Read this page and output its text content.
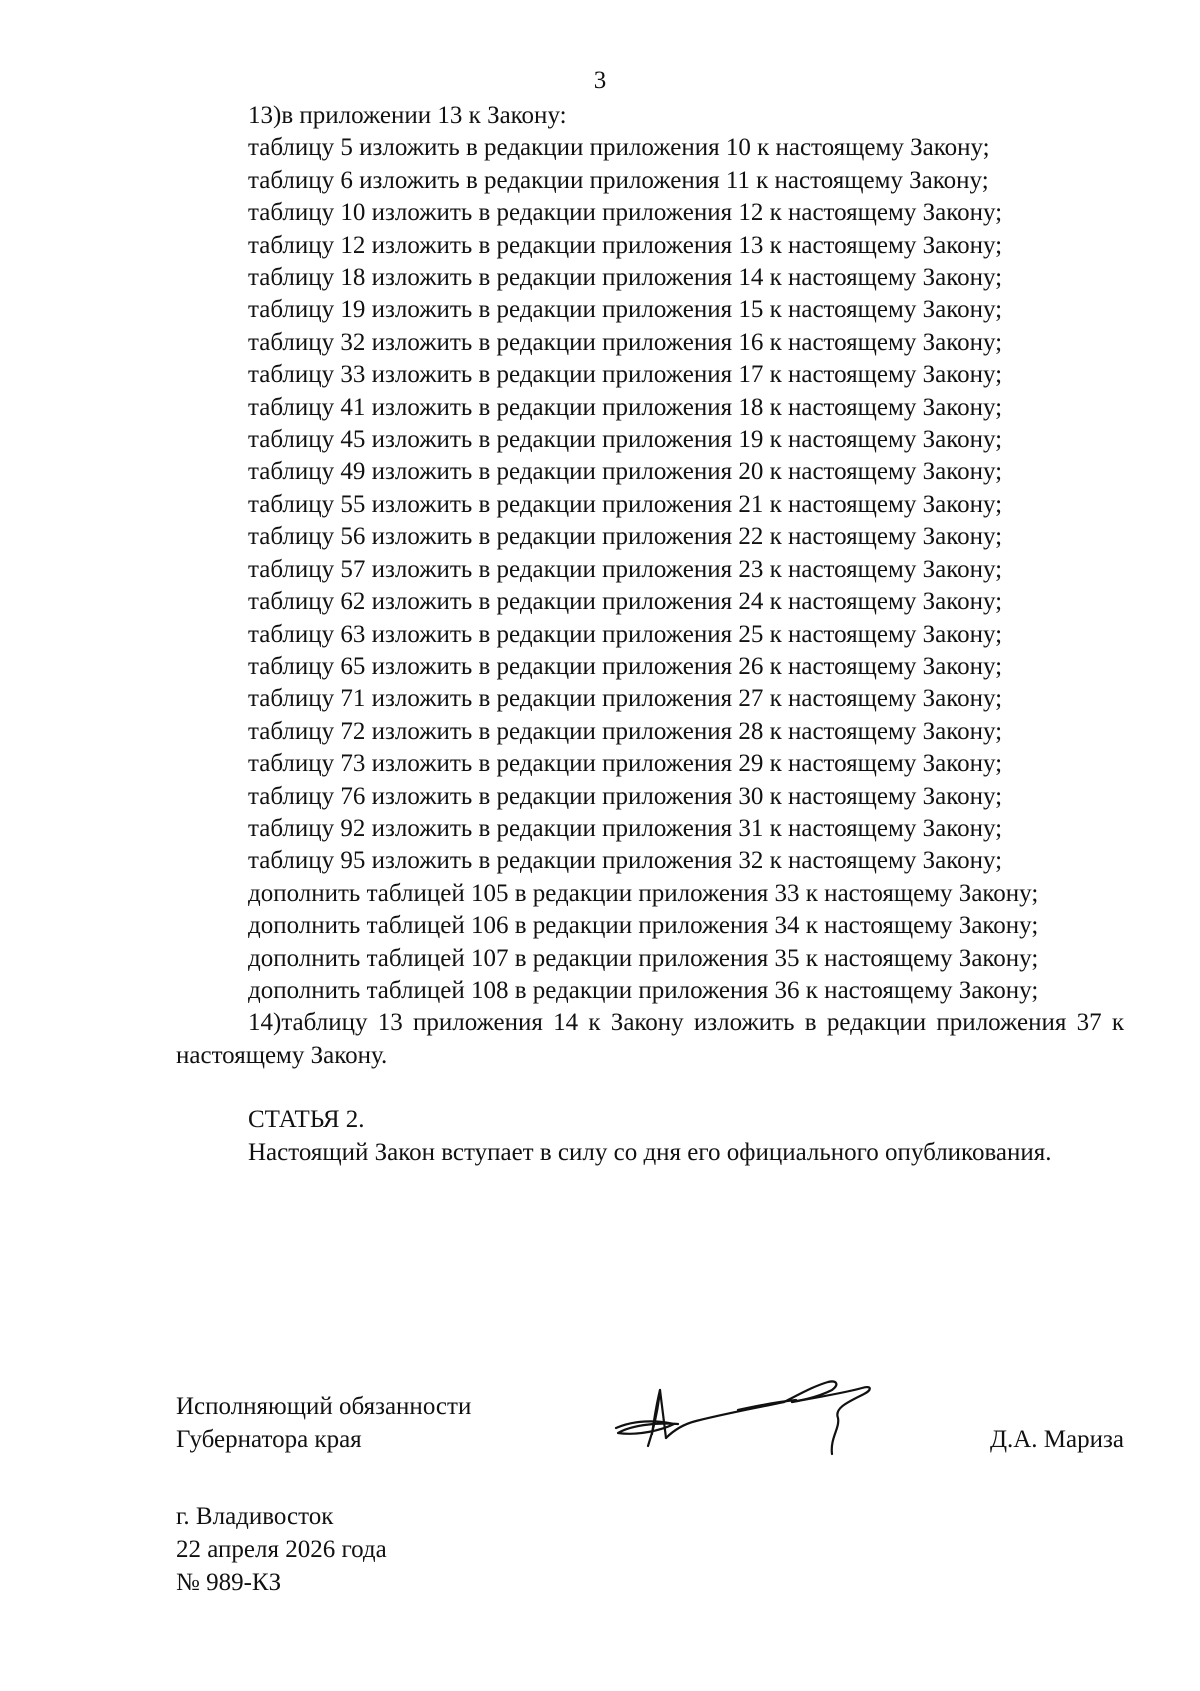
3

13)в приложении 13 к Закону:

таблицу 5 изложить в редакции приложения 10 к настоящему Закону;

таблицу 6 изложить в редакции приложения 11 к настоящему Закону;

таблицу 10 изложить в редакции приложения 12 к настоящему Закону;

таблицу 12 изложить в редакции приложения 13 к настоящему Закону;

таблицу 18 изложить в редакции приложения 14 к настоящему Закону;

таблицу 19 изложить в редакции приложения 15 к настоящему Закону;

таблицу 32 изложить в редакции приложения 16 к настоящему Закону;

таблицу 33 изложить в редакции приложения 17 к настоящему Закону;

таблицу 41 изложить в редакции приложения 18 к настоящему Закону;

таблицу 45 изложить в редакции приложения 19 к настоящему Закону;

таблицу 49 изложить в редакции приложения 20 к настоящему Закону;

таблицу 55 изложить в редакции приложения 21 к настоящему Закону;

таблицу 56 изложить в редакции приложения 22 к настоящему Закону;

таблицу 57 изложить в редакции приложения 23 к настоящему Закону;

таблицу 62 изложить в редакции приложения 24 к настоящему Закону;

таблицу 63 изложить в редакции приложения 25 к настоящему Закону;

таблицу 65 изложить в редакции приложения 26 к настоящему Закону;

таблицу 71 изложить в редакции приложения 27 к настоящему Закону;

таблицу 72 изложить в редакции приложения 28 к настоящему Закону;

таблицу 73 изложить в редакции приложения 29 к настоящему Закону;

таблицу 76 изложить в редакции приложения 30 к настоящему Закону;

таблицу 92 изложить в редакции приложения 31 к настоящему Закону;

таблицу 95 изложить в редакции приложения 32 к настоящему Закону;

дополнить таблицей 105 в редакции приложения 33 к настоящему Закону;

дополнить таблицей 106 в редакции приложения 34 к настоящему Закону;

дополнить таблицей 107 в редакции приложения 35 к настоящему Закону;

дополнить таблицей 108 в редакции приложения 36 к настоящему Закону;

14)таблицу 13 приложения 14 к Закону изложить в редакции приложения 37 к настоящему Закону.

СТАТЬЯ 2.

Настоящий Закон вступает в силу со дня его официального опубликования.

Исполняющий обязанности
Губернатора края	Д.А. Мариза
г. Владивосток
22 апреля 2026 года
№ 989-КЗ
